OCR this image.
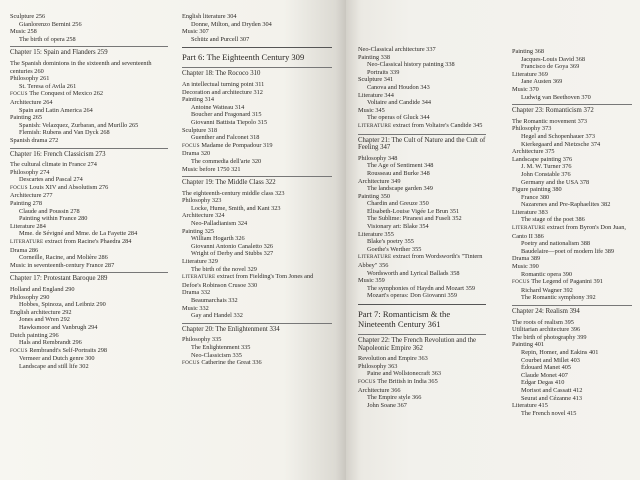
Sculpture 256
Gianlorenzo Bernini 256
Music 258
The birth of opera 258
Chapter 15: Spain and Flanders 259
The Spanish dominions in the sixteenth and seventeenth centuries 260
Philosophy 261
St. Teresa of Avila 261
FOCUS The Conquest of Mexico 262
Architecture 264
Spain and Latin America 264
Painting 265
Spanish: Velazquez, Zurbaran, and Murillo 265
Flemish: Rubens and Van Dyck 268
Spanish drama 272
Chapter 16: French Classicism 273
The cultural climate in France 274
Philosophy 274
Descartes and Pascal 274
FOCUS Louis XIV and Absolutism 276
Architecture 277
Painting 278
Claude and Poussin 278
Painting within France 280
Literature 284
Mme. de Sévigné and Mme. de La Fayette 284
LITERATURE extract from Racine's Phaedra 284
Drama 286
Corneille, Racine, and Molière 286
Music in seventeenth-century France 287
Chapter 17: Protestant Baroque 289
Holland and England 290
Philosophy 290
Hobbes, Spinoza, and Leibniz 290
English architecture 292
Jones and Wren 292
Hawksmoor and Vanbrugh 294
Dutch painting 296
Hals and Rembrandt 296
FOCUS Rembrandt's Self-Portraits 298
Vermeer and Dutch genre 300
Landscape and still life 302
English literature 304
Donne, Milton, and Dryden 304
Music 307
Schütz and Purcell 307
Part 6: The Eighteenth Century 309
Chapter 18: The Rococo 310
An intellectual turning point 311
Decoration and architecture 312
Painting 314
Antoine Watteau 314
Boucher and Fragonard 315
Giovanni Battista Tiepolo 315
Sculpture 318
Guenther and Falconet 318
FOCUS Madame de Pompadour 319
Drama 320
The commedia dell'arte 320
Music before 1750 321
Chapter 19: The Middle Class 322
The eighteenth-century middle class 323
Philosophy 323
Locke, Hume, Smith, and Kant 323
Architecture 324
Neo-Palladianism 324
Painting 325
William Hogarth 326
Giovanni Antonio Canaletto 326
Wright of Derby and Stubbs 327
Literature 329
The birth of the novel 329
LITERATURE extract from Fielding's Tom Jones and Defoe's Robinson Crusoe 330
Drama 332
Beaumarchais 332
Music 332
Gay and Handel 332
Chapter 20: The Enlightenment 334
Philosophy 335
The Enlightenment 335
Neo-Classicism 335
FOCUS Catherine the Great 336
Neo-Classical architecture 337
Painting 338
Neo-Classical history painting 338
Portraits 339
Sculpture 341
Canova and Houdon 343
Literature 344
Voltaire and Candide 344
Music 345
The operas of Gluck 344
LITERATURE extract from Voltaire's Candide 345
Chapter 21: The Cult of Nature and the Cult of Feeling 347
Philosophy 348
The Age of Sentiment 348
Rousseau and Burke 348
Architecture 349
The landscape garden 349
Painting 350
Chardin and Greuze 350
Elisabeth-Louise Vigée Le Brun 351
The Sublime: Piranesi and Fuseli 352
Visionary art: Blake 354
Literature 355
Blake's poetry 355
Goethe's Werther 355
LITERATURE extract from Wordsworth's "Tintern Abbey" 356
Wordsworth and Lyrical Ballads 358
Music 359
The symphonies of Haydn and Mozart 359
Mozart's operas: Don Giovanni 359
Part 7: Romanticism & the Nineteenth Century 361
Chapter 22: The French Revolution and the Napoleonic Empire 362
Revolution and Empire 363
Philosophy 363
Paine and Wollstonecraft 363
FOCUS The British in India 365
Architecture 366
The Empire style 366
John Soane 367
Painting 368
Jacques-Louis David 368
Francisco de Goya 369
Literature 369
Jane Austen 369
Music 370
Ludwig van Beethoven 370
Chapter 23: Romanticism 372
The Romantic movement 373
Philosophy 373
Hegel and Schopenhauer 373
Kierkegaard and Nietzsche 374
Architecture 375
Landscape painting 376
J. M. W. Turner 376
John Constable 376
Germany and the USA 378
Figure painting 380
France 380
Nazarenes and Pre-Raphaelites 382
Literature 383
The stage of the poet 386
LITERATURE extract from Byron's Don Juan, Canto II 386
Poetry and nationalism 388
Baudelaire—poet of modern life 389
Drama 389
Music 390
Romantic opera 390
FOCUS The Legend of Paganini 391
Richard Wagner 392
The Romantic symphony 392
Chapter 24: Realism 394
The roots of realism 395
Utilitarian architecture 396
The birth of photography 399
Painting 401
Repin, Homer, and Eakins 401
Courbet and Millet 403
Édouard Manet 405
Claude Monet 407
Edgar Degas 410
Morisot and Cassatt 412
Seurat and Cézanne 413
Literature 415
The French novel 415
